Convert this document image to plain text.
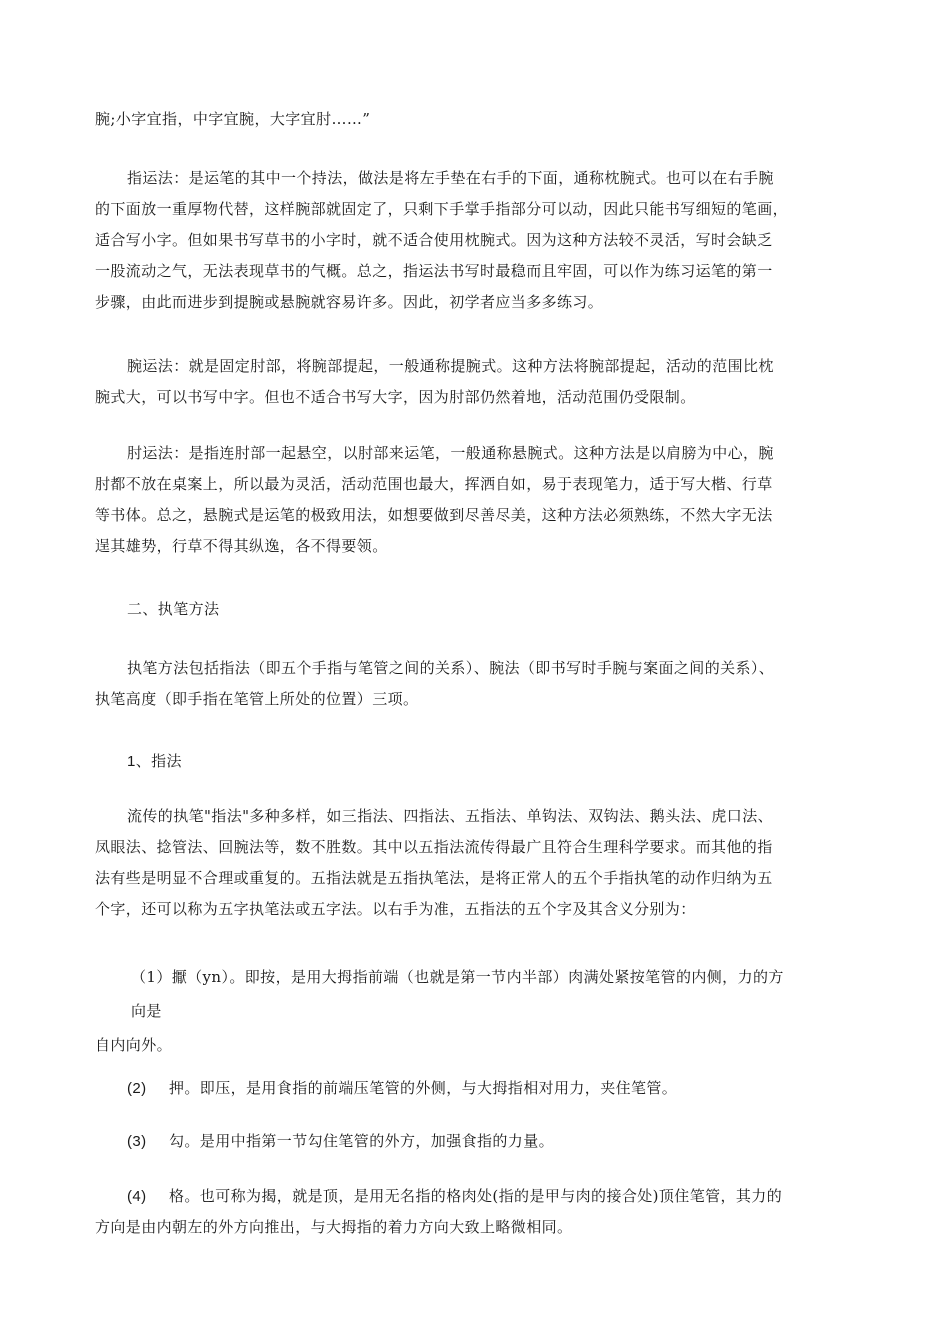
腕;小字宜指，中字宜腕，大字宜肘……”
指运法：是运笔的其中一个持法，做法是将左手垫在右手的下面，通称枕腕式。也可以在右手腕
的下面放一重厚物代替，这样腕部就固定了，只剩下手掌手指部分可以动，因此只能书写细短的笔画，
适合写小字。但如果书写草书的小字时，就不适合使用枕腕式。因为这种方法较不灵活，写时会缺乏
一股流动之气，无法表现草书的气概。总之，指运法书写时最稳而且牢固，可以作为练习运笔的第一
步骤，由此而进步到提腕或悬腕就容易许多。因此，初学者应当多多练习。
腕运法：就是固定肘部，将腕部提起，一般通称提腕式。这种方法将腕部提起，活动的范围比枕
腕式大，可以书写中字。但也不适合书写大字，因为肘部仍然着地，活动范围仍受限制。
肘运法：是指连肘部一起悬空，以肘部来运笔，一般通称悬腕式。这种方法是以肩膀为中心，腕
肘都不放在桌案上，所以最为灵活，活动范围也最大，挥洒自如，易于表现笔力，适于写大楷、行草
等书体。总之，悬腕式是运笔的极致用法，如想要做到尽善尽美，这种方法必须熟练，不然大字无法
逞其雄势，行草不得其纵逸，各不得要领。
二、执笔方法
执笔方法包括指法（即五个手指与笔管之间的关系）、腕法（即书写时手腕与案面之间的关系）、
执笔高度（即手指在笔管上所处的位置）三项。
1、指法
流传的执笔"指法"多种多样，如三指法、四指法、五指法、单钩法、双钩法、鹅头法、虎口法、
凤眼法、捻管法、回腕法等，数不胜数。其中以五指法流传得最广且符合生理科学要求。而其他的指
法有些是明显不合理或重复的。五指法就是五指执笔法，是将正常人的五个手指执笔的动作归纳为五
个字，还可以称为五字执笔法或五字法。以右手为准，五指法的五个字及其含义分别为：
（1）擫（yn）。即按，是用大拇指前端（也就是第一节内半部）肉满处紧按笔管的内侧，力的方
向是
自内向外。
(2) 押。即压，是用食指的前端压笔管的外侧，与大拇指相对用力，夹住笔管。
(3) 勾。是用中指第一节勾住笔管的外方，加强食指的力量。
(4) 格。也可称为揭，就是顶，是用无名指的格肉处(指的是甲与肉的接合处)顶住笔管，其力的
方向是由内朝左的外方向推出，与大拇指的着力方向大致上略微相同。
